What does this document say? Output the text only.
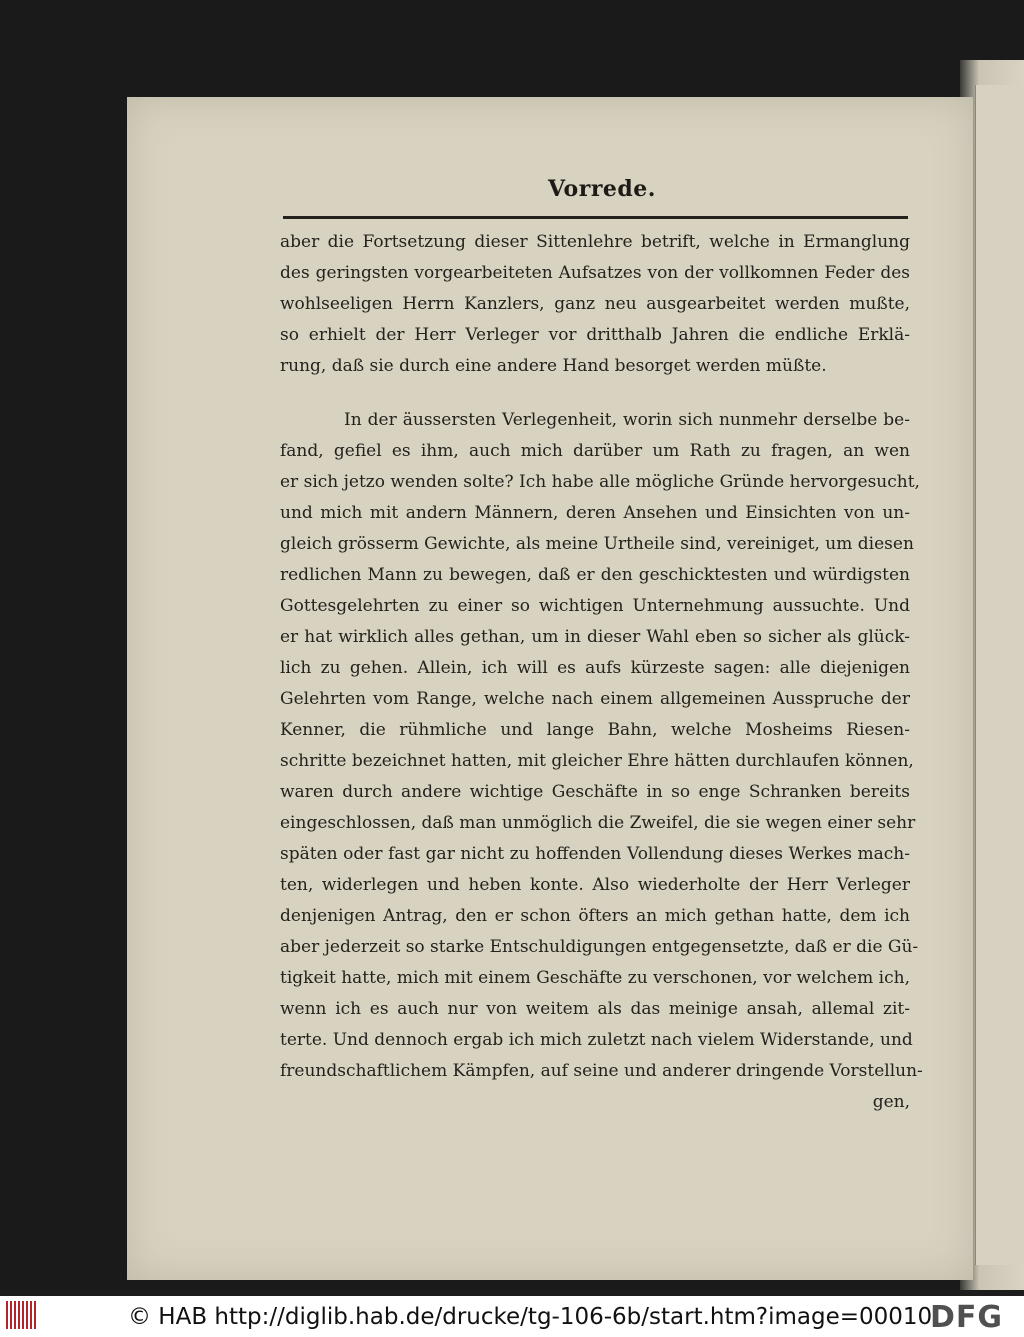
Vorrede.
aber die Fortsetzung dieser Sittenlehre betrift, welche in Ermanglung
des geringsten vorgearbeiteten Aufsatzes von der vollkomnen Feder des
wohlseeligen Herrn Kanzlers, ganz neu ausgearbeitet werden mußte,
so erhielt der Herr Verleger vor dritthalb Jahren die endliche Erklä-
rung, daß sie durch eine andere Hand besorget werden müßte.
In der äussersten Verlegenheit, worin sich nunmehr derselbe be-
fand, gefiel es ihm, auch mich darüber um Rath zu fragen, an wen
er sich jetzo wenden solte? Ich habe alle mögliche Gründe hervorgesucht,
und mich mit andern Männern, deren Ansehen und Einsichten von un-
gleich grösserm Gewichte, als meine Urtheile sind, vereiniget, um diesen
redlichen Mann zu bewegen, daß er den geschicktesten und würdigsten
Gottesgelehrten zu einer so wichtigen Unternehmung aussuchte. Und
er hat wirklich alles gethan, um in dieser Wahl eben so sicher als glück-
lich zu gehen. Allein, ich will es aufs kürzeste sagen: alle diejenigen
Gelehrten vom Range, welche nach einem allgemeinen Ausspruche der
Kenner, die rühmliche und lange Bahn, welche Mosheims Riesen-
schritte bezeichnet hatten, mit gleicher Ehre hätten durchlaufen können,
waren durch andere wichtige Geschäfte in so enge Schranken bereits
eingeschlossen, daß man unmöglich die Zweifel, die sie wegen einer sehr
späten oder fast gar nicht zu hoffenden Vollendung dieses Werkes mach-
ten, widerlegen und heben konte. Also wiederholte der Herr Verleger
denjenigen Antrag, den er schon öfters an mich gethan hatte, dem ich
aber jederzeit so starke Entschuldigungen entgegensetzte, daß er die Gü-
tigkeit hatte, mich mit einem Geschäfte zu verschonen, vor welchem ich,
wenn ich es auch nur von weitem als das meinige ansah, allemal zit-
terte. Und dennoch ergab ich mich zuletzt nach vielem Widerstande, und
freundschaftlichem Kämpfen, auf seine und anderer dringende Vorstellun-
gen,
© HAB http://diglib.hab.de/drucke/tg-106-6b/start.htm?image=00010
DFG
